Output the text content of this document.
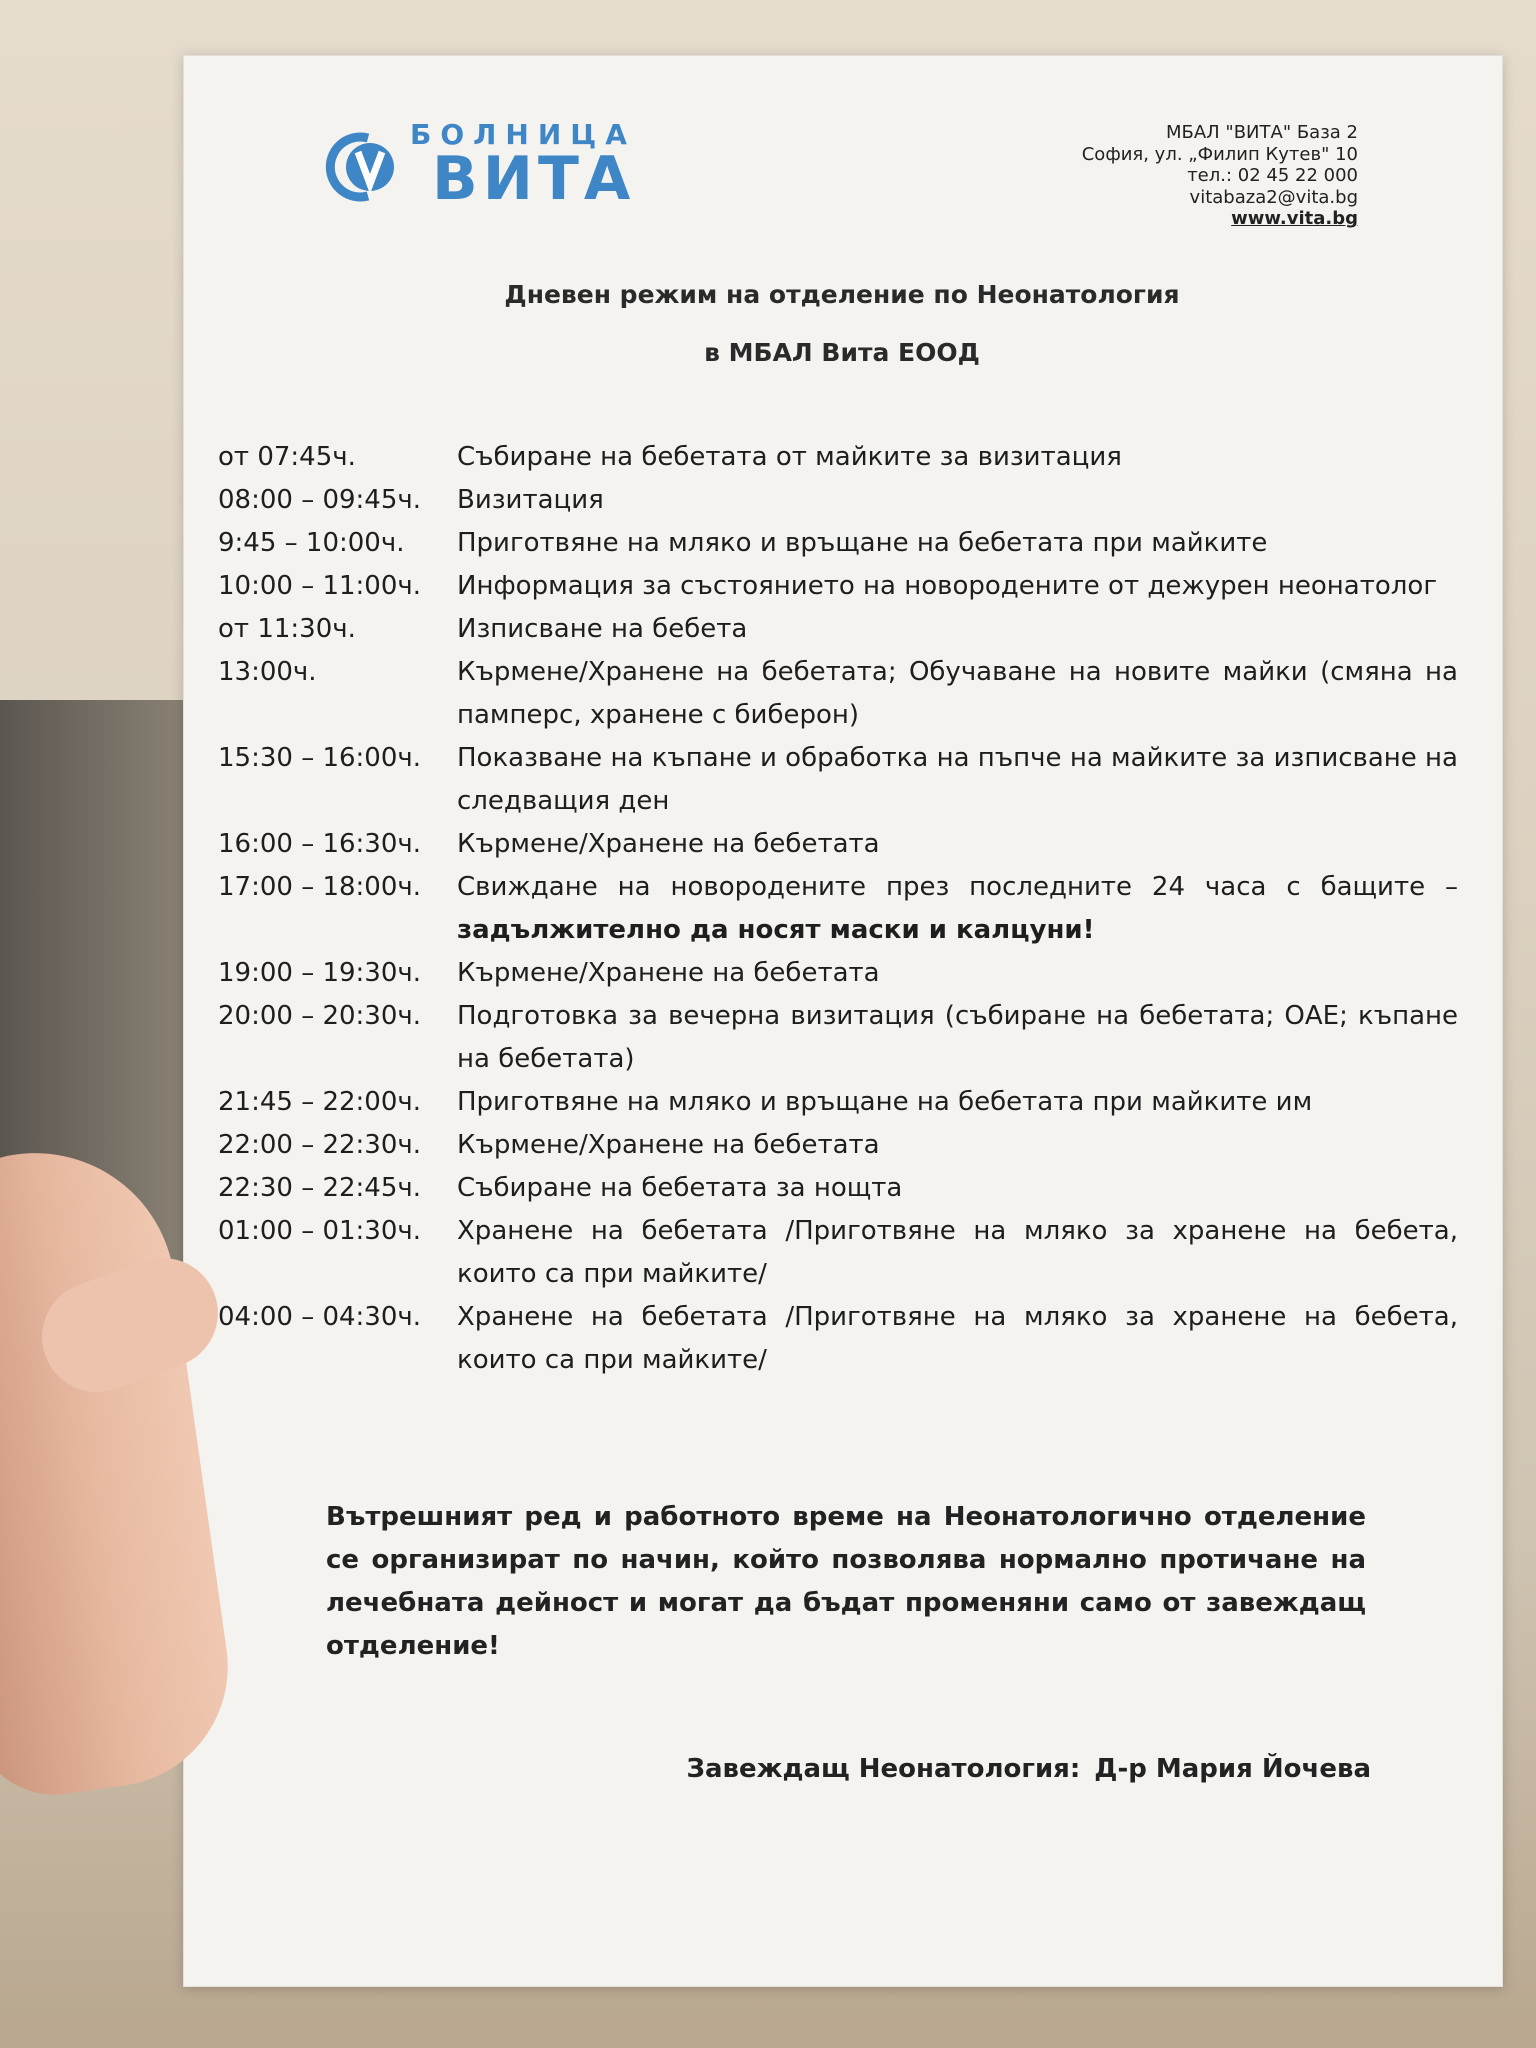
БОЛНИЦА
ВИТА
МБАЛ "ВИТА" База 2
София, ул. „Филип Кутев" 10
тел.: 02 45 22 000
vitabaza2@vita.bg
www.vita.bg
Дневен режим на отделение по Неонатология
в МБАЛ Вита ЕООД
от 07:45ч.	Събиране на бебетата от майките за визитация
08:00 – 09:45ч.	Визитация
9:45 – 10:00ч.	Приготвяне на мляко и връщане на бебетата при майките
10:00 – 11:00ч.	Информация за състоянието на новородените от дежурен неонатолог
от 11:30ч.	Изписване на бебета
13:00ч.	Кърмене/Хранене на бебетата; Обучаване на новите майки (смяна на памперс, хранене с биберон)
15:30 – 16:00ч.	Показване на къпане и обработка на пъпче на майките за изписване на следващия ден
16:00 – 16:30ч.	Кърмене/Хранене на бебетата
17:00 – 18:00ч.	Свиждане на новородените през последните 24 часа с бащите – задължително да носят маски и калцуни!
19:00 – 19:30ч.	Кърмене/Хранене на бебетата
20:00 – 20:30ч.	Подготовка за вечерна визитация (събиране на бебетата; ОАЕ; къпане на бебетата)
21:45 – 22:00ч.	Приготвяне на мляко и връщане на бебетата при майките им
22:00 – 22:30ч.	Кърмене/Хранене на бебетата
22:30 – 22:45ч.	Събиране на бебетата за нощта
01:00 – 01:30ч.	Хранене на бебетата /Приготвяне на мляко за хранене на бебета, които са при майките/
04:00 – 04:30ч.	Хранене на бебетата /Приготвяне на мляко за хранене на бебета, които са при майките/
Вътрешният ред и работното време на Неонатологично отделение се организират по начин, който позволява нормално протичане на лечебната дейност и могат да бъдат променяни само от завеждащ отделение!
Завеждащ Неонатология: Д-р Мария Йочева
